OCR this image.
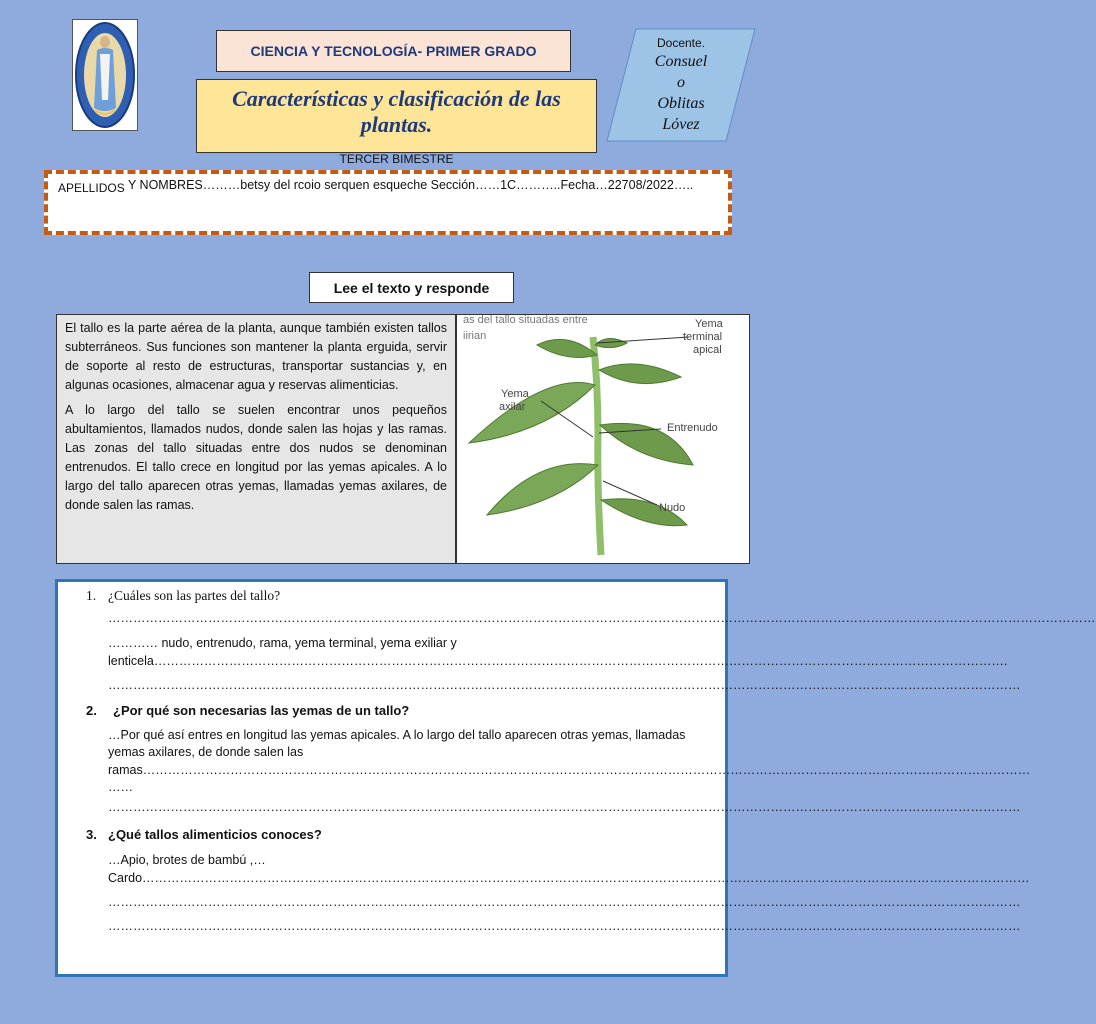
CIENCIA Y TECNOLOGÍA- PRIMER GRADO
Características y clasificación de las plantas.
TERCER BIMESTRE
Docente.
Consuel
o
Oblitas
Lόvez
APELLIDOS Y NOMBRES………betsy del rcoio serquen esqueche Sección……1C………..Fecha…22708/2022…..
Lee el texto y responde

El tallo es la parte aérea de la planta, aunque también existen tallos subterráneos. Sus funciones son mantener la planta erguida, servir de soporte al resto de estructuras, transportar sustancias y, en algunas ocasiones, almacenar agua y reservas alimenticias.

A lo largo del tallo se suelen encontrar unos pequeños abultamientos, llamados nudos, donde salen las hojas y las ramas. Las zonas del tallo situadas entre dos nudos se denominan entrenudos. El tallo crece en longitud por las yemas apicales. A lo largo del tallo aparecen otras yemas, llamadas yemas axilares, de donde salen las ramas.

as del tallo situadas entre
iirian
Yema
terminal
apical
Yema
axilar
Entrenudo
Nudo
1. ¿Cuáles son las partes del tallo?
…………………………………………………………………………………………………………………………………………………………………………………………………………………
………… nudo, entrenudo, rama, yema terminal, yema exiliar y
lenticela…………………………………………………………………………………………………………………………………………………………………………………….
…………………………………………………………………………………………………………………………………………………………………………………………………
2. ¿Por qué son necesarias las yemas de un tallo?
…Por qué así entres en longitud las yemas apicales. A lo largo del tallo aparecen otras yemas, llamadas
yemas axilares, de donde salen las
ramas……………………………………………………………………………………………………………………………………………………………………………………………
……
…………………………………………………………………………………………………………………………………………………………………………………………………
3. ¿Qué tallos alimenticios conoces?
…Apio, brotes de bambú ,…
Cardo……………………………………………………………………………………………………………………………………………………………………………………………
…………………………………………………………………………………………………………………………………………………………………………………………………
…………………………………………………………………………………………………………………………………………………………………………………………………
